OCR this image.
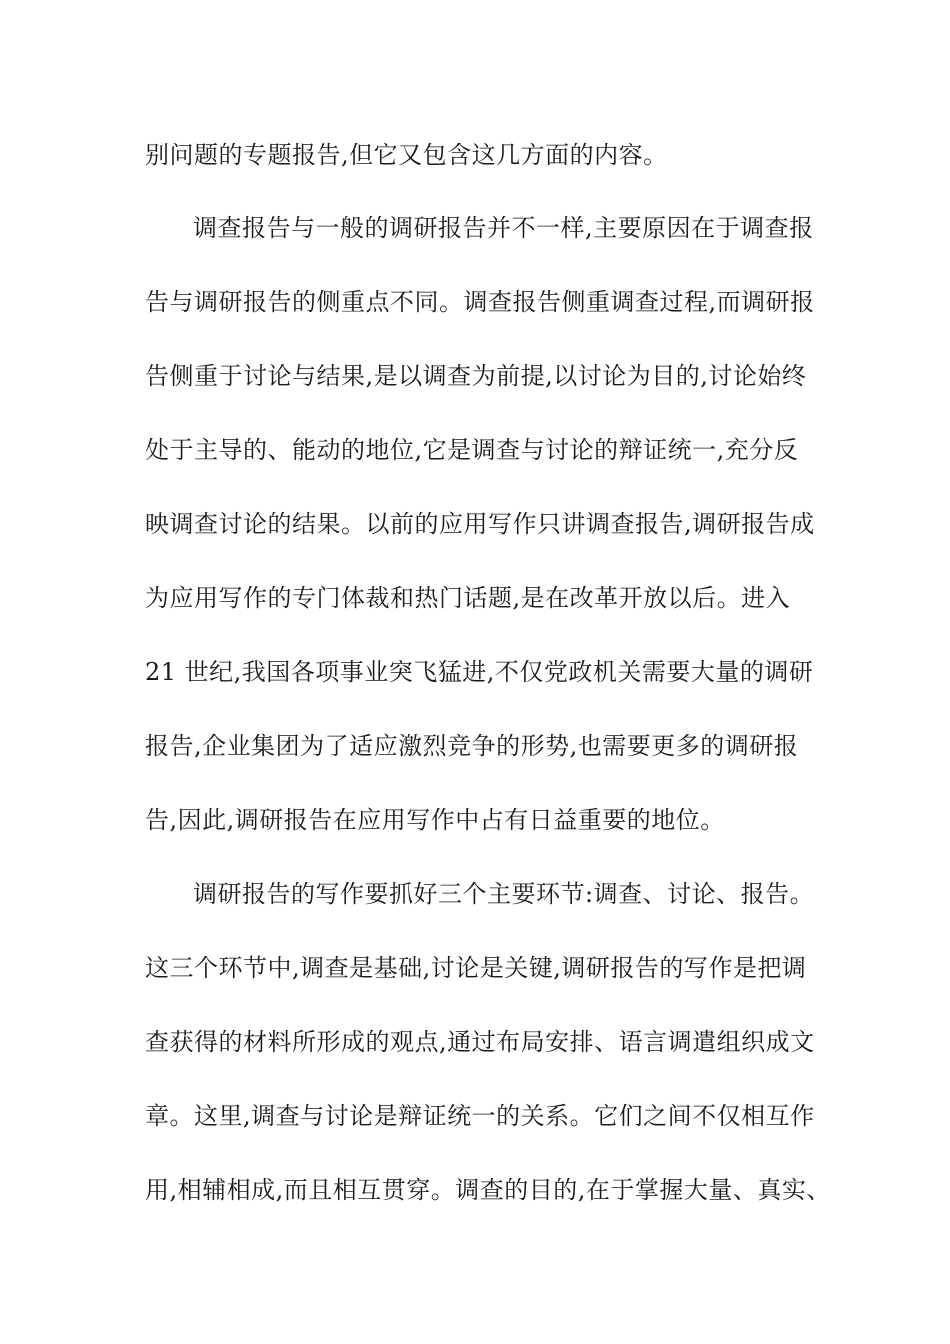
别问题的专题报告,但它又包含这几方面的内容。
调查报告与一般的调研报告并不一样,主要原因在于调查报
告与调研报告的侧重点不同。调查报告侧重调查过程,而调研报
告侧重于讨论与结果,是以调查为前提,以讨论为目的,讨论始终
处于主导的、能动的地位,它是调查与讨论的辩证统一,充分反
映调查讨论的结果。以前的应用写作只讲调查报告,调研报告成
为应用写作的专门体裁和热门话题,是在改革开放以后。进入
21 世纪,我国各项事业突飞猛进,不仅党政机关需要大量的调研
报告,企业集团为了适应激烈竞争的形势,也需要更多的调研报
告,因此,调研报告在应用写作中占有日益重要的地位。
调研报告的写作要抓好三个主要环节:调查、讨论、报告。
这三个环节中,调查是基础,讨论是关键,调研报告的写作是把调
查获得的材料所形成的观点,通过布局安排、语言调遣组织成文
章。这里,调查与讨论是辩证统一的关系。它们之间不仅相互作
用,相辅相成,而且相互贯穿。调查的目的,在于掌握大量、真实、
